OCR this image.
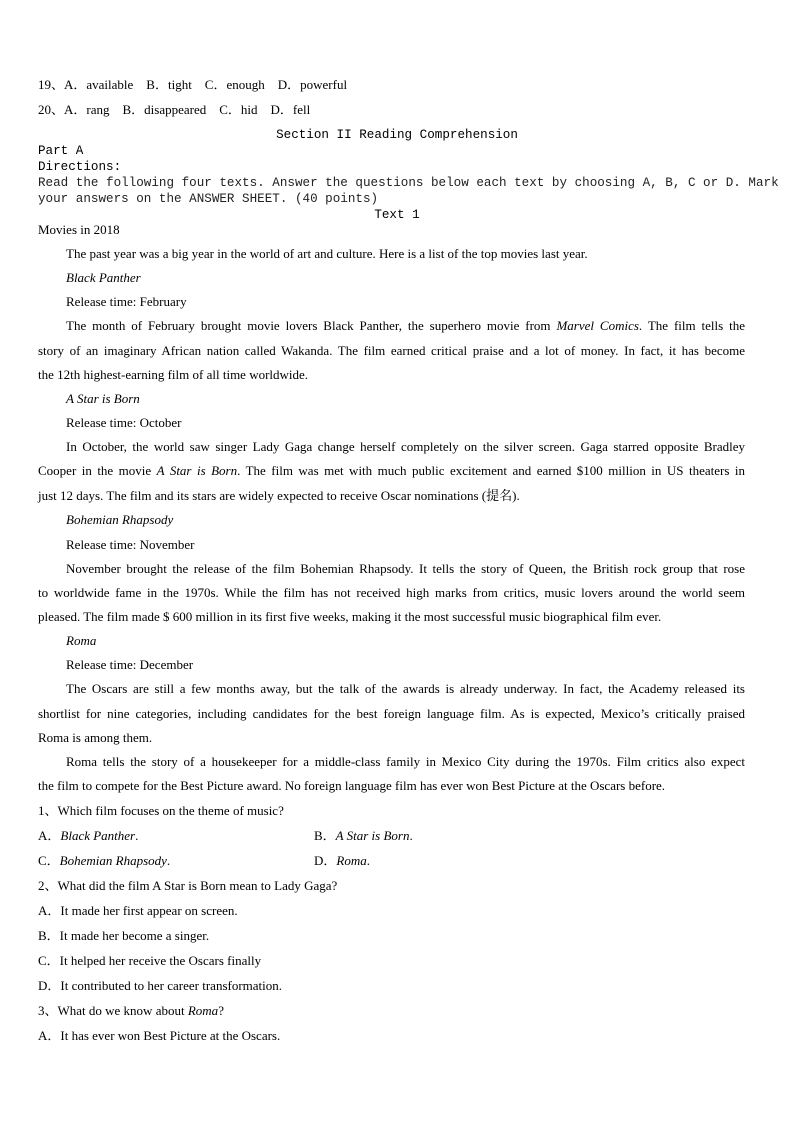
19、A．available　B．tight　C．enough　D．powerful
20、A．rang　B．disappeared　C．hid　D．fell
Section II Reading Comprehension
Part A
Directions:
Read the following four texts. Answer the questions below each text by choosing A, B, C or D. Mark
your answers on the ANSWER SHEET. (40 points)
Text 1
Movies in 2018
The past year was a big year in the world of art and culture. Here is a list of the top movies last year.
Black Panther
Release time: February
The month of February brought movie lovers Black Panther, the superhero movie from Marvel Comics. The film tells the
story of an imaginary African nation called Wakanda. The film earned critical praise and a lot of money. In fact, it has become
the 12th highest-earning film of all time worldwide.
A Star is Born
Release time: October
In October, the world saw singer Lady Gaga change herself completely on the silver screen. Gaga starred opposite Bradley
Cooper in the movie A Star is Born. The film was met with much public excitement and earned $100 million in US theaters in
just 12 days. The film and its stars are widely expected to receive Oscar nominations (提名).
Bohemian Rhapsody
Release time: November
November brought the release of the film Bohemian Rhapsody. It tells the story of Queen, the British rock group that rose
to worldwide fame in the 1970s. While the film has not received high marks from critics, music lovers around the world seem
pleased. The film made $ 600 million in its first five weeks, making it the most successful music biographical film ever.
Roma
Release time: December
The Oscars are still a few months away, but the talk of the awards is already underway. In fact, the Academy released its
shortlist for nine categories, including candidates for the best foreign language film. As is expected, Mexico’s critically praised
Roma is among them.
Roma tells the story of a housekeeper for a middle-class family in Mexico City during the 1970s. Film critics also expect
the film to compete for the Best Picture award. No foreign language film has ever won Best Picture at the Oscars before.
1、Which film focuses on the theme of music?
A．Black Panther.	B．A Star is Born.
C．Bohemian Rhapsody.	D．Roma.
2、What did the film A Star is Born mean to Lady Gaga?
A．It made her first appear on screen.
B．It made her become a singer.
C．It helped her receive the Oscars finally
D．It contributed to her career transformation.
3、What do we know about Roma?
A．It has ever won Best Picture at the Oscars.
